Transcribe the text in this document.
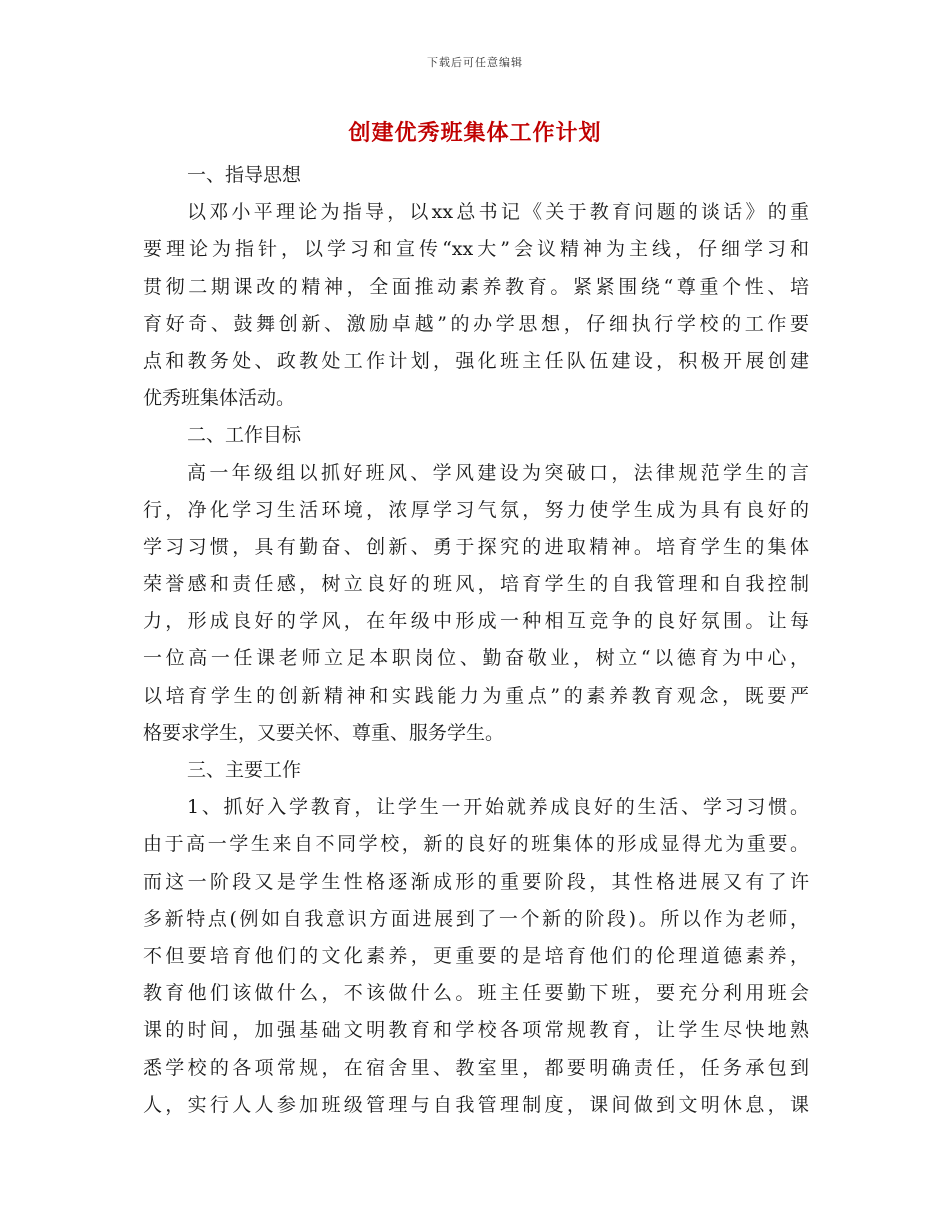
下载后可任意编辑
创建优秀班集体工作计划
一、指导思想
以邓小平理论为指导，以xx总书记《关于教育问题的谈话》的重
要理论为指针，以学习和宣传“xx大”会议精神为主线，仔细学习和
贯彻二期课改的精神，全面推动素养教育。紧紧围绕“尊重个性、培
育好奇、鼓舞创新、激励卓越”的办学思想，仔细执行学校的工作要
点和教务处、政教处工作计划，强化班主任队伍建设，积极开展创建
优秀班集体活动。
二、工作目标
高一年级组以抓好班风、学风建设为突破口，法律规范学生的言
行，净化学习生活环境，浓厚学习气氛，努力使学生成为具有良好的
学习习惯，具有勤奋、创新、勇于探究的进取精神。培育学生的集体
荣誉感和责任感，树立良好的班风，培育学生的自我管理和自我控制
力，形成良好的学风，在年级中形成一种相互竞争的良好氛围。让每
一位高一任课老师立足本职岗位、勤奋敬业，树立“以德育为中心，
以培育学生的创新精神和实践能力为重点”的素养教育观念，既要严
格要求学生，又要关怀、尊重、服务学生。
三、主要工作
1、抓好入学教育，让学生一开始就养成良好的生活、学习习惯。
由于高一学生来自不同学校，新的良好的班集体的形成显得尤为重要。
而这一阶段又是学生性格逐渐成形的重要阶段，其性格进展又有了许
多新特点(例如自我意识方面进展到了一个新的阶段)。所以作为老师，
不但要培育他们的文化素养，更重要的是培育他们的伦理道德素养，
教育他们该做什么，不该做什么。班主任要勤下班，要充分利用班会
课的时间，加强基础文明教育和学校各项常规教育，让学生尽快地熟
悉学校的各项常规，在宿舍里、教室里，都要明确责任，任务承包到
人，实行人人参加班级管理与自我管理制度，课间做到文明休息，课
